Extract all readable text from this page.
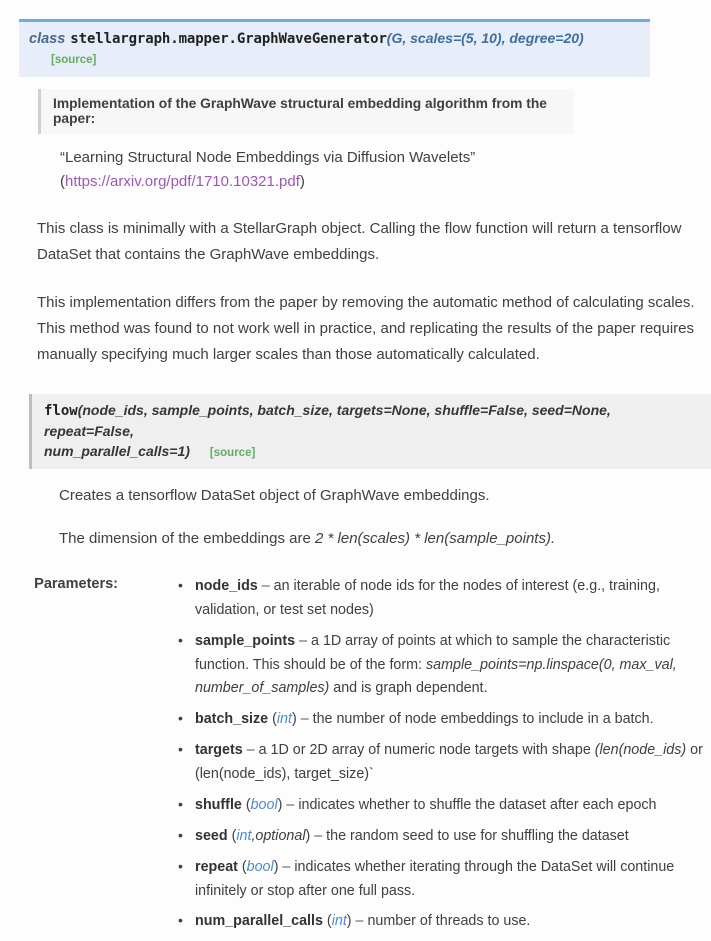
class stellargraph.mapper.GraphWaveGenerator(G, scales=(5, 10), degree=20)[source]
Implementation of the GraphWave structural embedding algorithm from the paper:
“Learning Structural Node Embeddings via Diffusion Wavelets”
(https://arxiv.org/pdf/1710.10321.pdf)

This class is minimally with a StellarGraph object. Calling the flow function will return a tensorflow DataSet that contains the GraphWave embeddings.

This implementation differs from the paper by removing the automatic method of calculating scales. This method was found to not work well in practice, and replicating the results of the paper requires manually specifying much larger scales than those automatically calculated.

flow(node_ids, sample_points, batch_size, targets=None, shuffle=False, seed=None, repeat=False,
num_parallel_calls=1) [source]
Creates a tensorflow DataSet object of GraphWave embeddings.
The dimension of the embeddings are 2 * len(scales) * len(sample_points).
Parameters:	• node_ids – an iterable of node ids for the nodes of interest (e.g., training, validation, or test set nodes)
• sample_points – a 1D array of points at which to sample the characteristic function. This should be of the form: sample_points=np.linspace(0, max_val, number_of_samples) and is graph dependent.
• batch_size (int) – the number of node embeddings to include in a batch.
• targets – a 1D or 2D array of numeric node targets with shape (len(node_ids) or (len(node_ids), target_size)`
• shuffle (bool) – indicates whether to shuffle the dataset after each epoch
• seed (int,optional) – the random seed to use for shuffling the dataset
• repeat (bool) – indicates whether iterating through the DataSet will continue infinitely or stop after one full pass.
• num_parallel_calls (int) – number of threads to use.
